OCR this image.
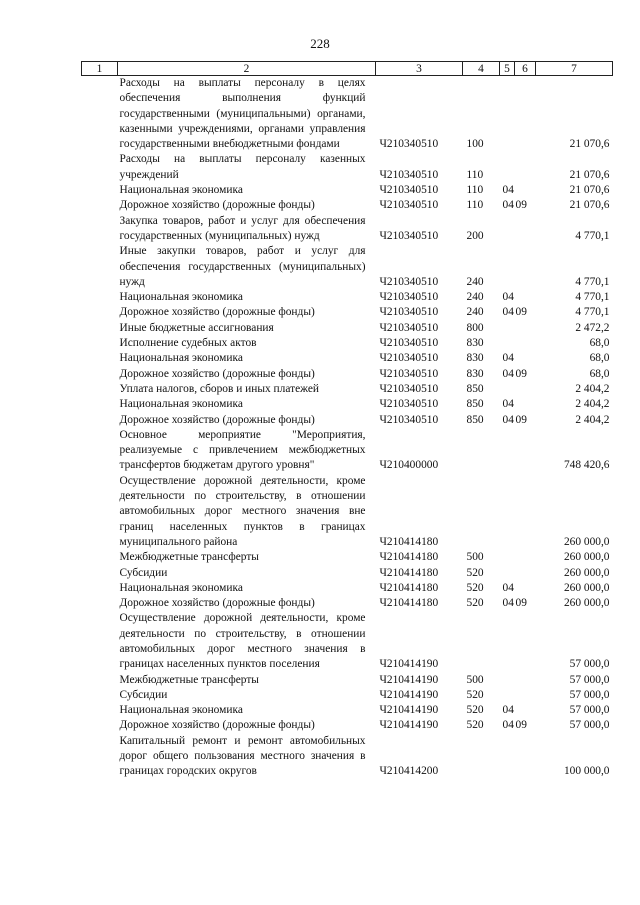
228
1	2	3	4	5	6	7
Расходы на выплаты персоналу в целях обеспечения выполнения функций государственными (муниципальными) органами, казенными учреждениями, органами управления государственными внебюджетными фондами		Ч210340510	100			21 070,6
Расходы на выплаты персоналу казенных учреждений		Ч210340510	110			21 070,6
Национальная экономика		Ч210340510	110	04		21 070,6
Дорожное хозяйство (дорожные фонды)		Ч210340510	110	04	09	21 070,6
Закупка товаров, работ и услуг для обеспечения государственных (муниципальных) нужд		Ч210340510	200			4 770,1
Иные закупки товаров, работ и услуг для обеспечения государственных (муниципальных) нужд		Ч210340510	240			4 770,1
Национальная экономика		Ч210340510	240	04		4 770,1
Дорожное хозяйство (дорожные фонды)		Ч210340510	240	04	09	4 770,1
Иные бюджетные ассигнования		Ч210340510	800			2 472,2
Исполнение судебных актов		Ч210340510	830			68,0
Национальная экономика		Ч210340510	830	04		68,0
Дорожное хозяйство (дорожные фонды)		Ч210340510	830	04	09	68,0
Уплата налогов, сборов и иных платежей		Ч210340510	850			2 404,2
Национальная экономика		Ч210340510	850	04		2 404,2
Дорожное хозяйство (дорожные фонды)		Ч210340510	850	04	09	2 404,2
Основное мероприятие "Мероприятия, реализуемые с привлечением межбюджетных трансфертов бюджетам другого уровня"		Ч210400000				748 420,6
Осуществление дорожной деятельности, кроме деятельности по строительству, в отношении автомобильных дорог местного значения вне границ населенных пунктов в границах муниципального района		Ч210414180				260 000,0
Межбюджетные трансферты		Ч210414180	500			260 000,0
Субсидии		Ч210414180	520			260 000,0
Национальная экономика		Ч210414180	520	04		260 000,0
Дорожное хозяйство (дорожные фонды)		Ч210414180	520	04	09	260 000,0
Осуществление дорожной деятельности, кроме деятельности по строительству, в отношении автомобильных дорог местного значения в границах населенных пунктов поселения		Ч210414190				57 000,0
Межбюджетные трансферты		Ч210414190	500			57 000,0
Субсидии		Ч210414190	520			57 000,0
Национальная экономика		Ч210414190	520	04		57 000,0
Дорожное хозяйство (дорожные фонды)		Ч210414190	520	04	09	57 000,0
Капитальный ремонт и ремонт автомобильных дорог общего пользования местного значения в границах городских округов		Ч210414200				100 000,0
